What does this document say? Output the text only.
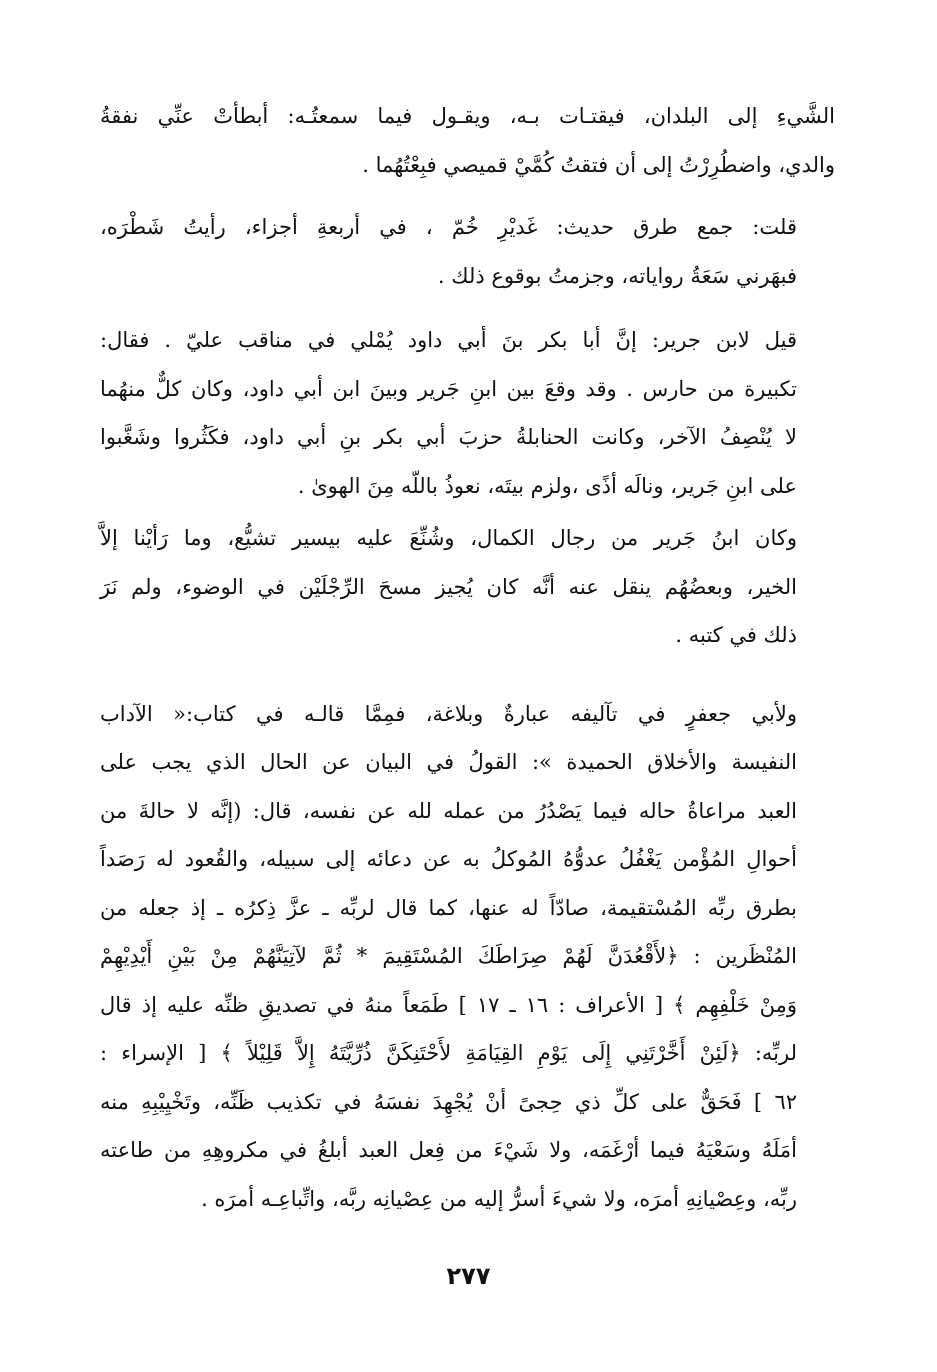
الشَّيءِ إلى البلدان، فيقتـات بـه، ويقـول فيما سمعتُـه: أبطأتْ عنِّي نفقةُ
والدي، واضطُرِرْتُ إلى أن فتقتُ كُمَّيْ قميصي فبِعْتُهُما .

قلت: جمع طرق حديث: غَديْرِ خُمّ ، في أربعةِ أجزاء، رأيتُ شَطْرَه،
فبهَرني سَعَةُ رواياته، وجزمتُ بوقوع ذلك .

قيل لابن جرير: إنَّ أبا بكر بنَ أبي داود يُمْلي في مناقب عليّ . فقال:
تكبيرة من حارس . وقد وقعَ بين ابنِ جَرير وبينَ ابن أبي داود، وكان كلٌّ منهُما
لا يُنْصِفُ الآخر، وكانت الحنابلةُ حزبَ أبي بكر بنِ أبي داود، فكَثُروا وشَغَّبوا
على ابنِ جَرير، ونالَه أذًى ،ولزم بيتَه، نعوذُ باللّه مِنَ الهوىٰ .

وكان ابنُ جَرير من رجال الكمال، وشُنِّعَ عليه بيسير تشيُّع، وما رَأيْنا إلاَّ
الخير، وبعضُهُم ينقل عنه أنَّه كان يُجيز مسحَ الرِّجْلَيْن في الوضوء، ولم نَرَ
ذلك في كتبه .

ولأبي جعفرٍ في تآليفه عبارةٌ وبلاغة، فمِمَّا قالـه في كتاب:« الآداب
النفيسة والأخلاق الحميدة »: القولُ في البيان عن الحال الذي يجب على
العبد مراعاةُ حاله فيما يَصْدُرُ من عمله لله عن نفسه، قال: (إنَّه لا حالةَ من
أحوالِ المُؤْمن يَغْفُلُ عدوُّهُ المُوكلُ به عن دعائه إلى سبيله، والقُعود له رَصَداً
بطرق ربِّه المُسْتقيمة، صادّاً له عنها، كما قال لربِّه ـ عزَّ ذِكرُه ـ إذ جعله من
المُنْظَرين : ﴿لأَقْعُدَنَّ لَهُمْ صِرَاطَكَ المُسْتَقِيمَ * ثُمَّ لآتِيَنَّهُمْ مِنْ بَيْنِ أَيْدِيْهِمْ
وَمِنْ خَلْفِهِم ﴾ [ الأعراف : ١٦ ـ ١٧ ] طَمَعاً منهُ في تصديقِ ظنِّه عليه إذ قال
لربِّه: ﴿لَئِنْ أَخَّرْتَنِي إِلَى يَوْمِ القِيَامَةِ لأَحْتَنِكَنَّ ذُرِّيَّتَهُ إِلاَّ قَلِيْلاً ﴾ [ الإسراء :
٦٢ ] فَحَقٌّ على كلِّ ذي حِجىً أنْ يُجْهِدَ نفسَهُ في تكذيب ظَنِّه، وتَخْيِيْبِهِ منه
أمَلَهُ وسَعْيَهُ فيما أرْغَمَه، ولا شَيْءَ من فِعل العبد أبلغُ في مكروهِهِ من طاعته
ربِّه، وعِصْيانِهِ أمرَه، ولا شيءَ أسرُّ إليه من عِصْيانِه ربَّه، واتِّباعِـه أمرَه .

٢٧٧
